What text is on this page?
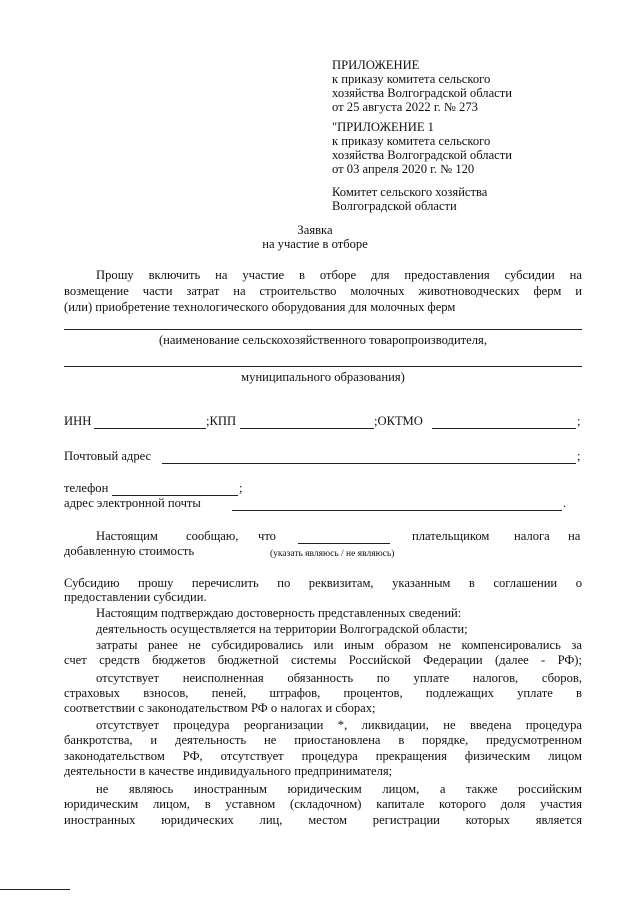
ПРИЛОЖЕНИЕ
к приказу комитета сельского
хозяйства Волгоградской области
от 25 августа 2022 г. № 273
"ПРИЛОЖЕНИЕ 1
к приказу комитета сельского
хозяйства Волгоградской области
от 03 апреля 2020 г. № 120
Комитет сельского хозяйства
Волгоградской области
Заявка
на участие в отборе
Прошу включить на участие в отборе для предоставления субсидии на
возмещение части затрат на строительство молочных животноводческих ферм и
(или) приобретение технологического оборудования для молочных ферм
(наименование сельскохозяйственного товаропроизводителя,
муниципального образования)
ИНН	;КПП	;ОКТМО	;
Почтовый адрес	;
телефон	;
адрес электронной почты	.
Настоящим сообщаю, что	плательщиком налога на
добавленную стоимость	(указать являюсь / не являюсь)
Субсидию прошу перечислить по реквизитам, указанным в соглашении о
предоставлении субсидии.
Настоящим подтверждаю достоверность представленных сведений:
деятельность осуществляется на территории Волгоградской области;
затраты ранее не субсидировались или иным образом не компенсировались за
счет средств бюджетов бюджетной системы Российской Федерации (далее - РФ);
отсутствует неисполненная обязанность по уплате налогов, сборов,
страховых взносов, пеней, штрафов, процентов, подлежащих уплате в
соответствии с законодательством РФ о налогах и сборах;
отсутствует процедура реорганизации *, ликвидации, не введена процедура
банкротства, и деятельность не приостановлена в порядке, предусмотренном
законодательством РФ, отсутствует процедура прекращения физическим лицом
деятельности в качестве индивидуального предпринимателя;
не являюсь иностранным юридическим лицом, а также российским
юридическим лицом, в уставном (складочном) капитале которого доля участия
иностранных юридических лиц, местом регистрации которых является
